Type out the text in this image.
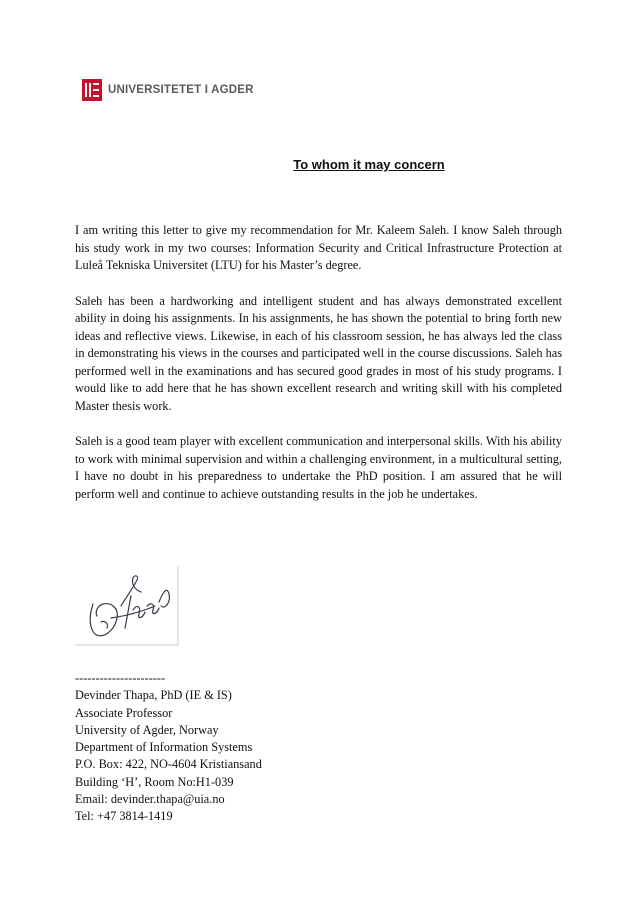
UNIVERSITETET I AGDER
To whom it may concern

I am writing this letter to give my recommendation for Mr. Kaleem Saleh. I know Saleh through his study work in my two courses: Information Security and Critical Infrastructure Protection at Luleå Tekniska Universitet (LTU) for his Master’s degree.

Saleh has been a hardworking and intelligent student and has always demonstrated excellent ability in doing his assignments. In his assignments, he has shown the potential to bring forth new ideas and reflective views. Likewise, in each of his classroom session, he has always led the class in demonstrating his views in the courses and participated well in the course discussions. Saleh has performed well in the examinations and has secured good grades in most of his study programs. I would like to add here that he has shown excellent research and writing skill with his completed Master thesis work.

Saleh is a good team player with excellent communication and interpersonal skills. With his ability to work with minimal supervision and within a challenging environment, in a multicultural setting, I have no doubt in his preparedness to undertake the PhD position. I am assured that he will perform well and continue to achieve outstanding results in the job he undertakes.

----------------------
Devinder Thapa, PhD (IE & IS)
Associate Professor
University of Agder, Norway
Department of Information Systems
P.O. Box: 422, NO-4604 Kristiansand
Building ‘H’, Room No:H1-039
Email: devinder.thapa@uia.no
Tel: +47 3814-1419
